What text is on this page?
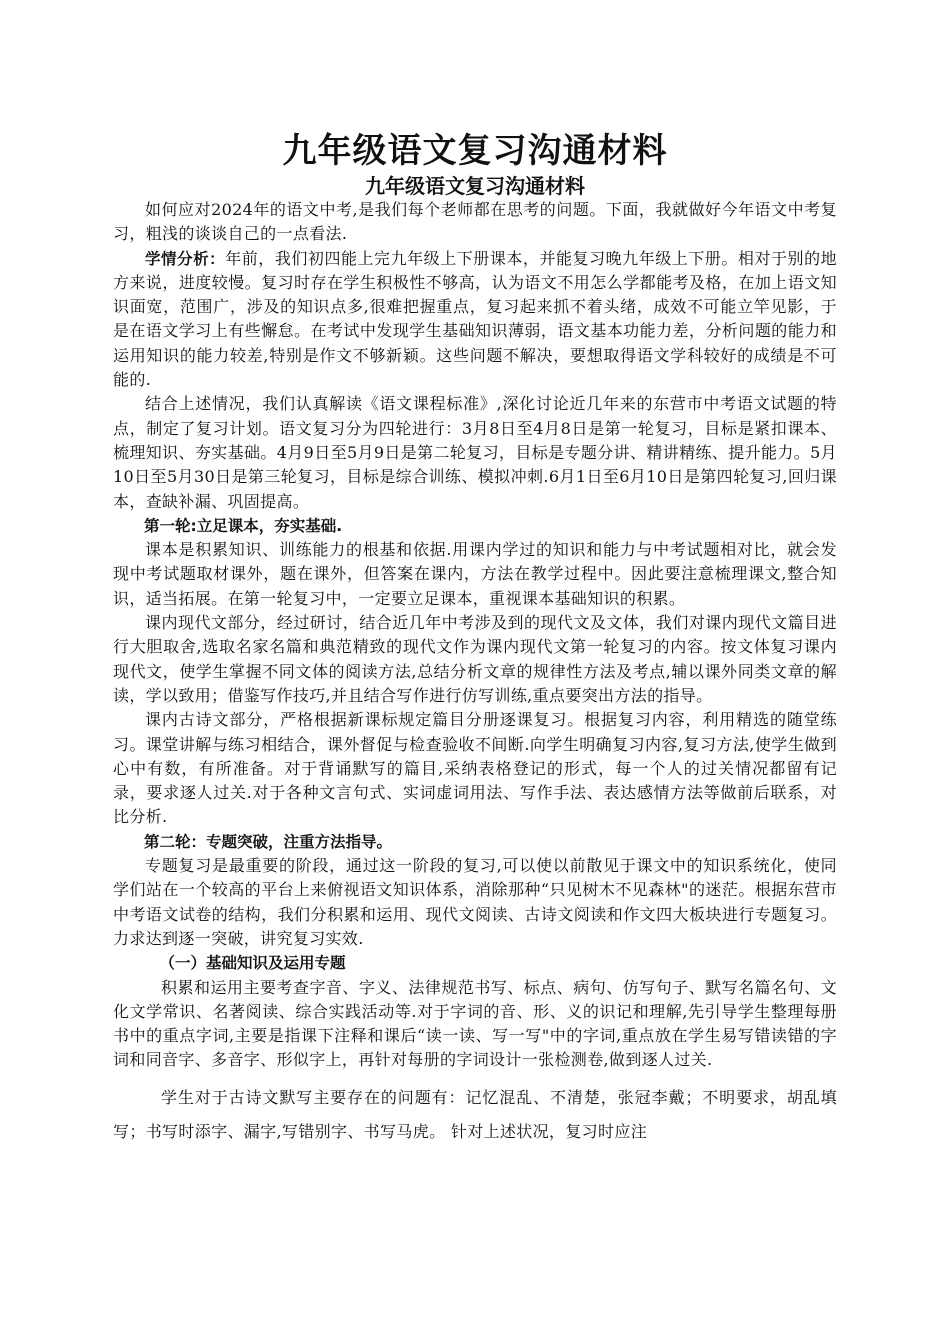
九年级语文复习沟通材料
九年级语文复习沟通材料

如何应对2024年的语文中考,是我们每个老师都在思考的问题。下面，我就做好今年语文中考复习，粗浅的谈谈自己的一点看法.

学情分析：年前，我们初四能上完九年级上下册课本，并能复习晚九年级上下册。相对于别的地方来说，进度较慢。复习时存在学生积极性不够高，认为语文不用怎么学都能考及格，在加上语文知识面宽，范围广，涉及的知识点多,很难把握重点，复习起来抓不着头绪，成效不可能立竿见影，于是在语文学习上有些懈怠。在考试中发现学生基础知识薄弱，语文基本功能力差，分析问题的能力和运用知识的能力较差,特别是作文不够新颖。这些问题不解决，要想取得语文学科较好的成绩是不可能的.

结合上述情况，我们认真解读《语文课程标准》,深化讨论近几年来的东营市中考语文试题的特点，制定了复习计划。语文复习分为四轮进行：3月8日至4月8日是第一轮复习，目标是紧扣课本、梳理知识、夯实基础。4月9日至5月9日是第二轮复习，目标是专题分讲、精讲精练、提升能力。5月10日至5月30日是第三轮复习，目标是综合训练、模拟冲刺.6月1日至6月10日是第四轮复习,回归课本，查缺补漏、巩固提高。

第一轮:立足课本，夯实基础.

课本是积累知识、训练能力的根基和依据.用课内学过的知识和能力与中考试题相对比，就会发现中考试题取材课外，题在课外，但答案在课内，方法在教学过程中。因此要注意梳理课文,整合知识，适当拓展。在第一轮复习中，一定要立足课本，重视课本基础知识的积累。

课内现代文部分，经过研讨，结合近几年中考涉及到的现代文及文体，我们对课内现代文篇目进行大胆取舍,选取名家名篇和典范精致的现代文作为课内现代文第一轮复习的内容。按文体复习课内现代文，使学生掌握不同文体的阅读方法,总结分析文章的规律性方法及考点,辅以课外同类文章的解读，学以致用；借鉴写作技巧,并且结合写作进行仿写训练,重点要突出方法的指导。

课内古诗文部分，严格根据新课标规定篇目分册逐课复习。根据复习内容，利用精选的随堂练习。课堂讲解与练习相结合，课外督促与检查验收不间断.向学生明确复习内容,复习方法,使学生做到心中有数，有所准备。对于背诵默写的篇目,采纳表格登记的形式，每一个人的过关情况都留有记录，要求逐人过关.对于各种文言句式、实词虚词用法、写作手法、表达感情方法等做前后联系，对比分析.

第二轮：专题突破，注重方法指导。

专题复习是最重要的阶段，通过这一阶段的复习,可以使以前散见于课文中的知识系统化，使同学们站在一个较高的平台上来俯视语文知识体系，消除那种“只见树木不见森林"的迷茫。根据东营市中考语文试卷的结构，我们分积累和运用、现代文阅读、古诗文阅读和作文四大板块进行专题复习。力求达到逐一突破，讲究复习实效.

（一）基础知识及运用专题

积累和运用主要考查字音、字义、法律规范书写、标点、病句、仿写句子、默写名篇名句、文化文学常识、名著阅读、综合实践活动等.对于字词的音、形、义的识记和理解,先引导学生整理每册书中的重点字词,主要是指课下注释和课后“读一读、写一写"中的字词,重点放在学生易写错读错的字词和同音字、多音字、形似字上，再针对每册的字词设计一张检测卷,做到逐人过关.

学生对于古诗文默写主要存在的问题有：记忆混乱、不清楚，张冠李戴；不明要求，胡乱填写；书写时添字、漏字,写错别字、书写马虎。 针对上述状况，复习时应注
